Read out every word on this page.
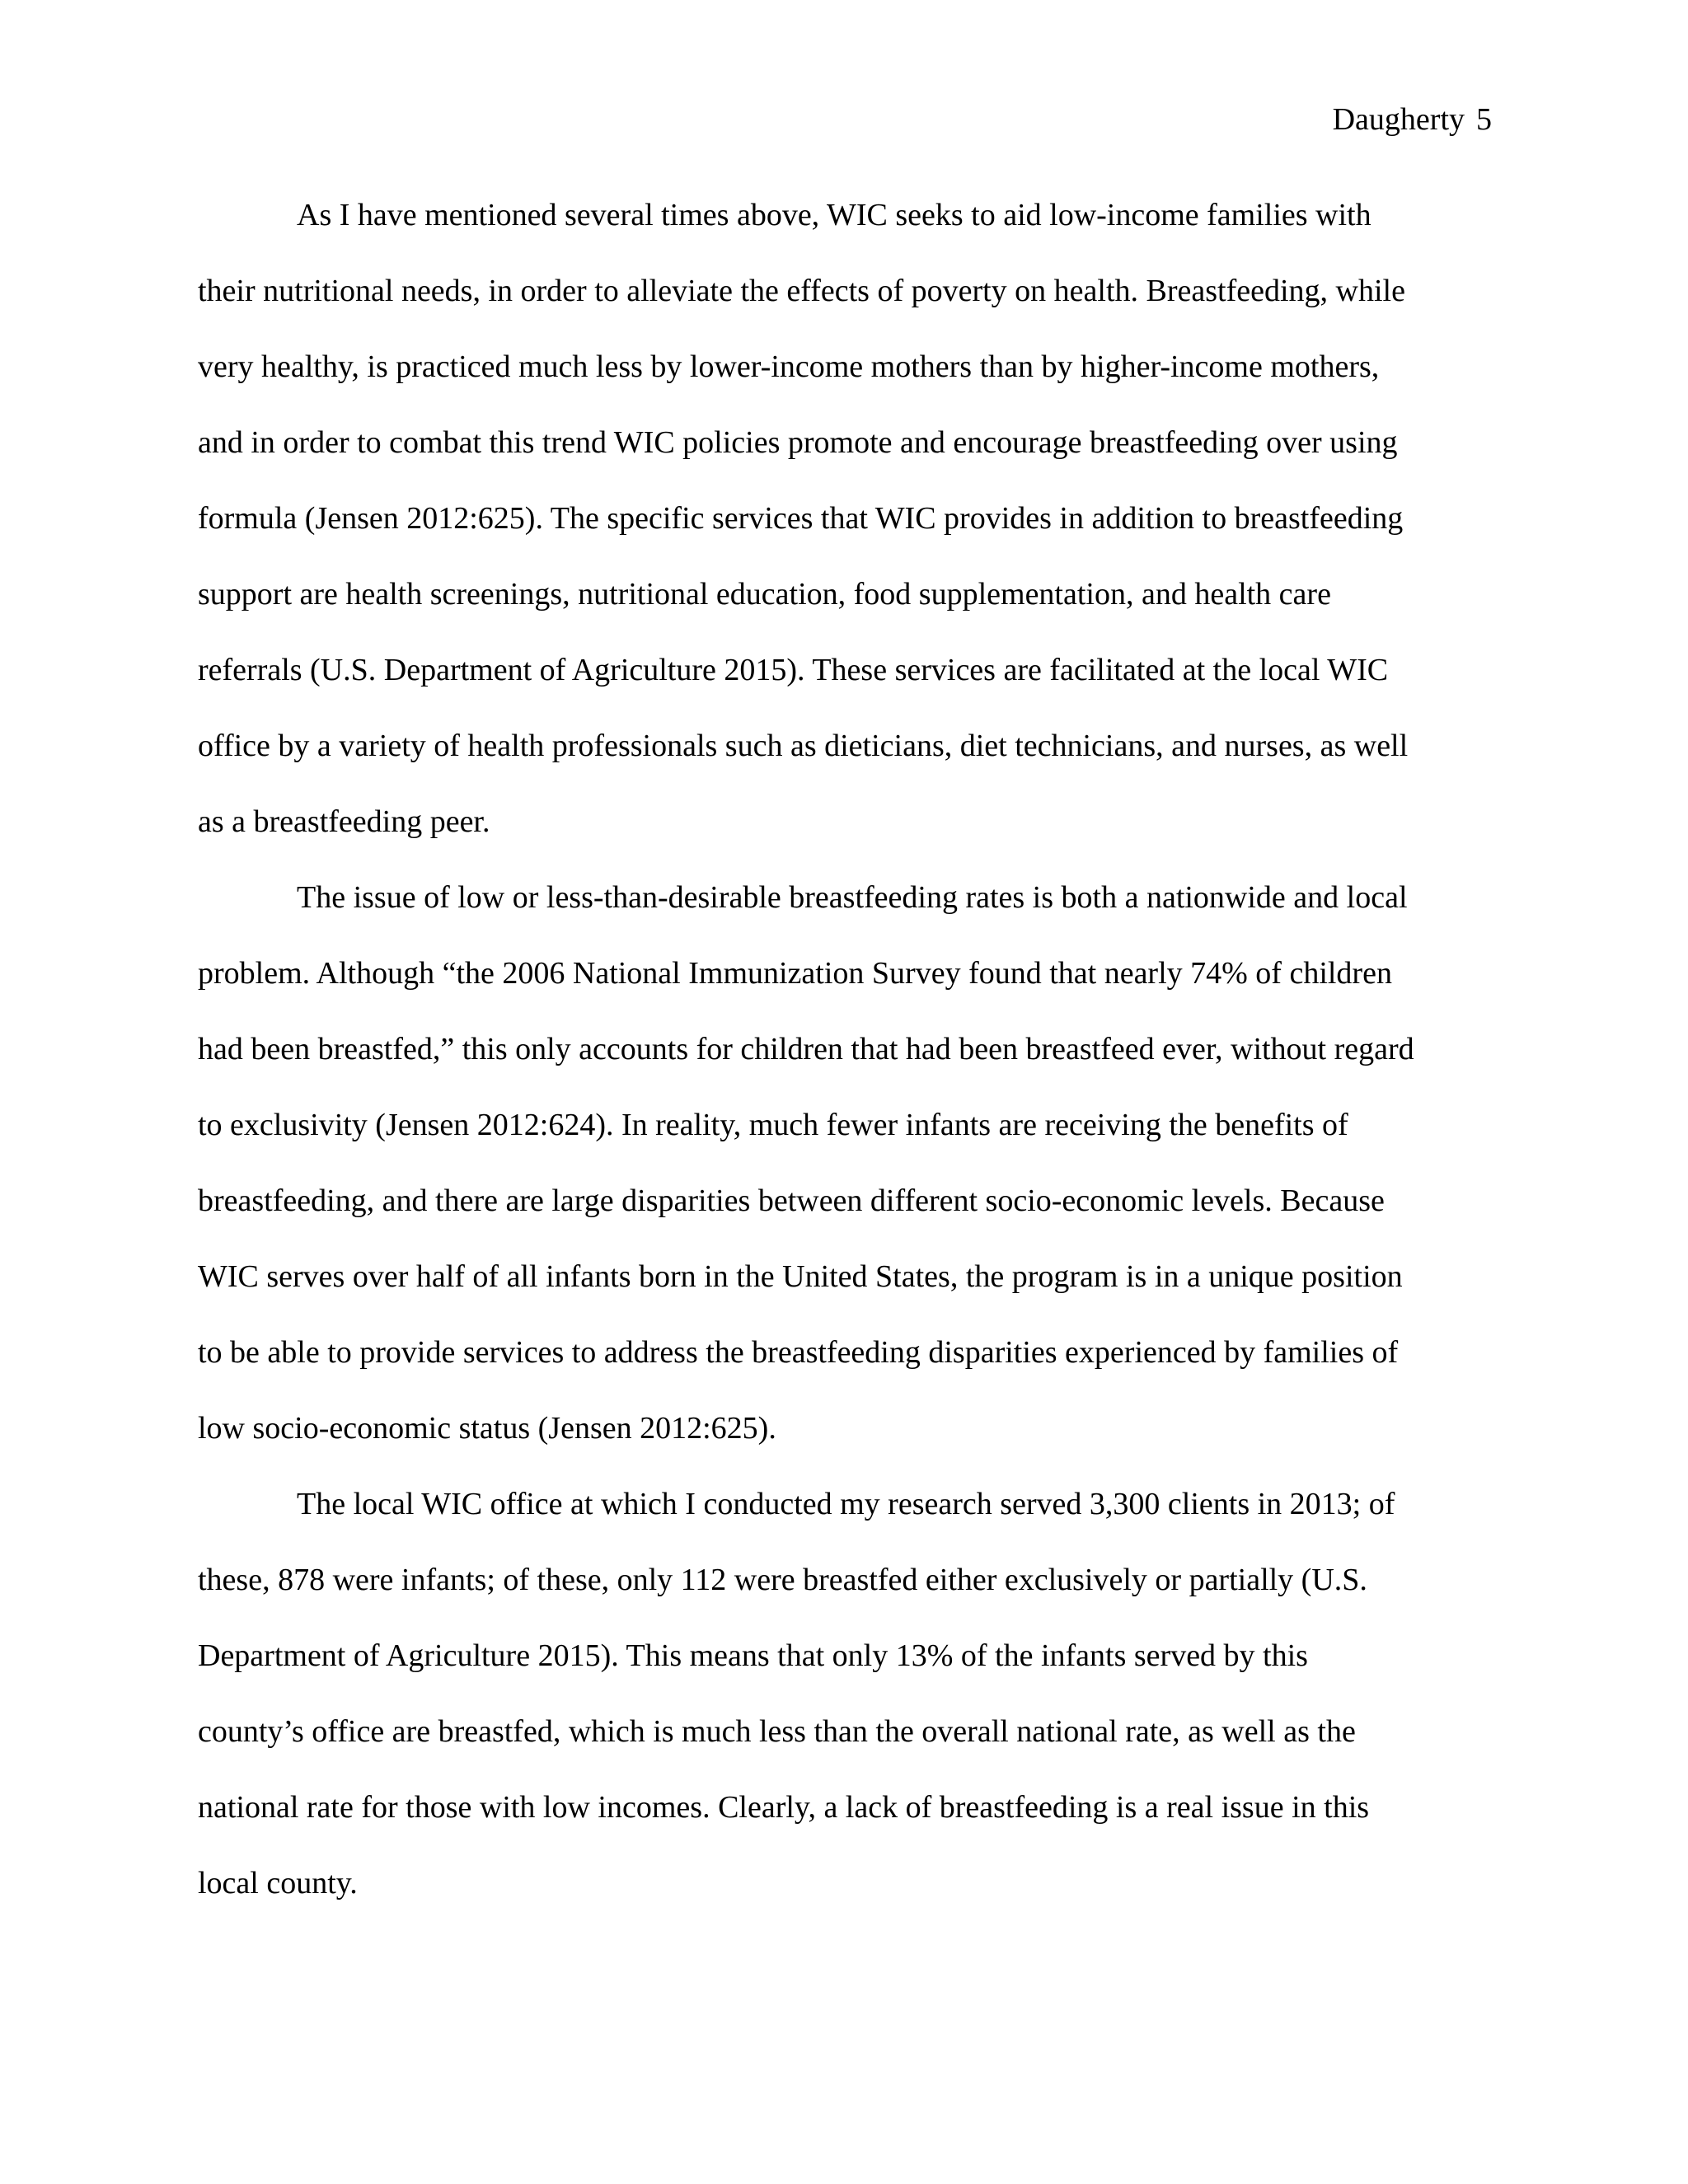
Daugherty 5
As I have mentioned several times above, WIC seeks to aid low-income families with
their nutritional needs, in order to alleviate the effects of poverty on health. Breastfeeding, while
very healthy, is practiced much less by lower-income mothers than by higher-income mothers,
and in order to combat this trend WIC policies promote and encourage breastfeeding over using
formula (Jensen 2012:625). The specific services that WIC provides in addition to breastfeeding
support are health screenings, nutritional education, food supplementation, and health care
referrals (U.S. Department of Agriculture 2015). These services are facilitated at the local WIC
office by a variety of health professionals such as dieticians, diet technicians, and nurses, as well
as a breastfeeding peer.
The issue of low or less-than-desirable breastfeeding rates is both a nationwide and local
problem. Although “the 2006 National Immunization Survey found that nearly 74% of children
had been breastfed,” this only accounts for children that had been breastfeed ever, without regard
to exclusivity (Jensen 2012:624). In reality, much fewer infants are receiving the benefits of
breastfeeding, and there are large disparities between different socio-economic levels. Because
WIC serves over half of all infants born in the United States, the program is in a unique position
to be able to provide services to address the breastfeeding disparities experienced by families of
low socio-economic status (Jensen 2012:625).
The local WIC office at which I conducted my research served 3,300 clients in 2013; of
these, 878 were infants; of these, only 112 were breastfed either exclusively or partially (U.S.
Department of Agriculture 2015). This means that only 13% of the infants served by this
county’s office are breastfed, which is much less than the overall national rate, as well as the
national rate for those with low incomes. Clearly, a lack of breastfeeding is a real issue in this
local county.
